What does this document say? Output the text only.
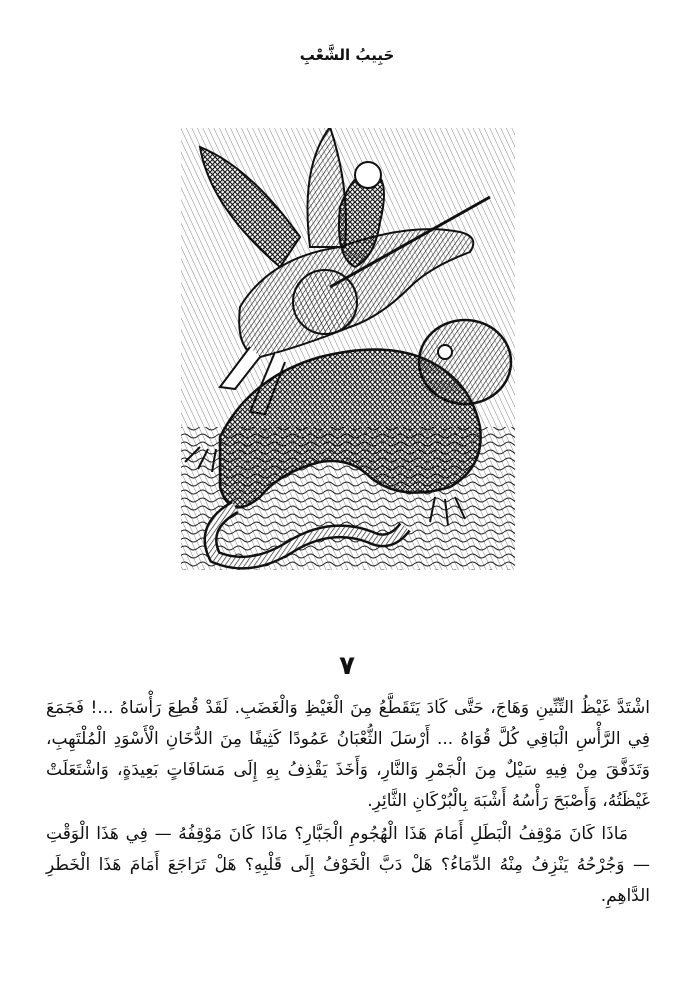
حَبِيبُ الشَّعْبِ
٧

اشْتَدَّ غَيْظُ التِّنِّينِ وَهَاجَ، حَتَّى كَادَ يَتَقَطَّعُ مِنَ الْغَيْظِ وَالْغَضَبِ. لَقَدْ قُطِعَ رَأْسَاهُ ...! فَجَمَعَ فِي الرَّأْسِ الْبَاقِي كُلَّ قُوَاهُ ... أَرْسَلَ الثُّعْبَانُ عَمُودًا كَثِيفًا مِنَ الدُّخَانِ الْأَسْوَدِ الْمُلْتَهِبِ، وَتَدَفَّقَ مِنْ فِيهِ سَيْلٌ مِنَ الْجَمْرِ وَالنَّارِ، وَأَخَذَ يَقْذِفُ بِهِ إِلَى مَسَافَاتٍ بَعِيدَةٍ، وَاشْتَعَلَتْ غَيْظَتُهُ، وَأَصْبَحَ رَأْسُهُ أَشْبَهَ بِالْبُرْكَانِ الثَّائِرِ.

مَاذَا كَانَ مَوْقِفُ الْبَطَلِ أَمَامَ هَذَا الْهُجُومِ الْجَبَّارِ؟ مَاذَا كَانَ مَوْقِفُهُ — فِي هَذَا الْوَقْتِ — وَجُرْحُهُ يَنْزِفُ مِنْهُ الدِّمَاءُ؟ هَلْ دَبَّ الْخَوْفُ إِلَى قَلْبِهِ؟ هَلْ تَرَاجَعَ أَمَامَ هَذَا الْخَطَرِ الدَّاهِمِ.
